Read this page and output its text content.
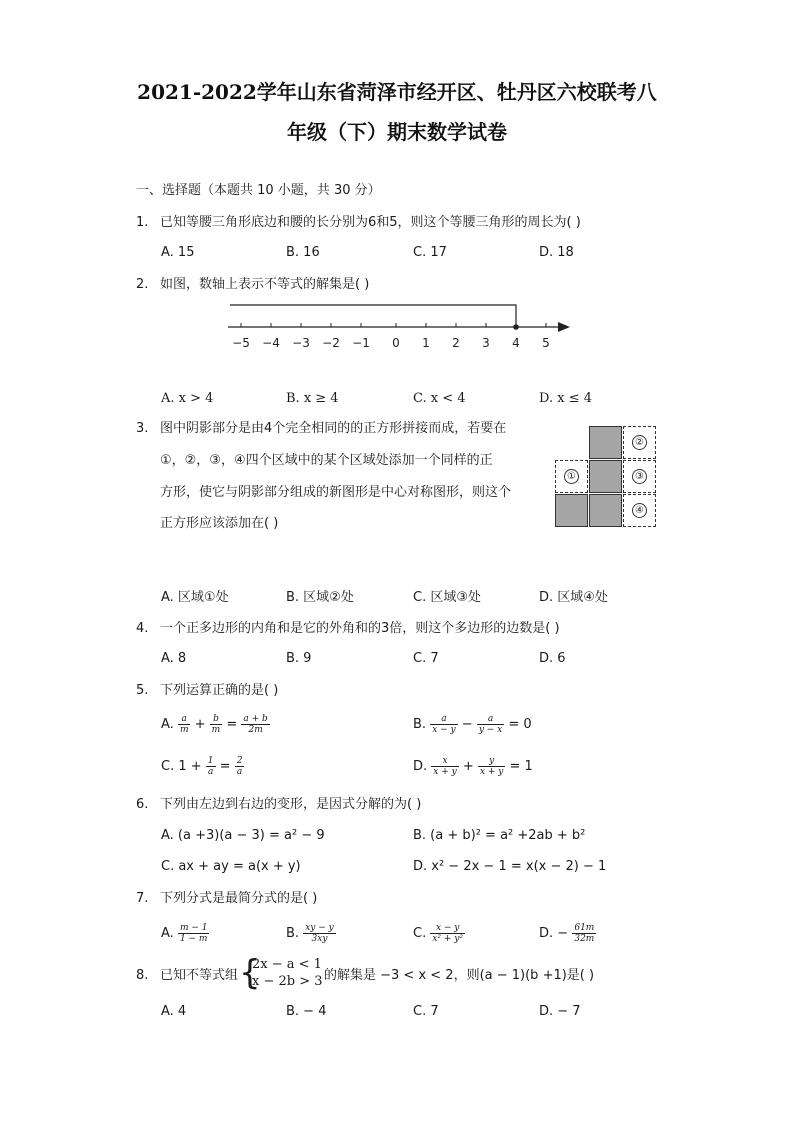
2021-2022学年山东省菏泽市经开区、牡丹区六校联考八
年级（下）期末数学试卷
一、选择题（本题共 10 小题，共 30 分）
1. 已知等腰三角形底边和腰的长分别为6和5，则这个等腰三角形的周长为( )
A. 15	B. 16	C. 17	D. 18
2. 如图，数轴上表示不等式的解集是( )
−5 −4 −3 −2 −1 0 1 2 3 4 5
A. x > 4	B. x ≥ 4	C. x < 4	D. x ≤ 4
3. 图中阴影部分是由4个完全相同的的正方形拼接而成，若要在
①，②，③，④四个区域中的某个区域处添加一个同样的正
方形，使它与阴影部分组成的新图形是中心对称图形，则这个
正方形应该添加在( )
①
②
③
④
A. 区域①处	B. 区域②处	C. 区域③处	D. 区域④处
4. 一个正多边形的内角和是它的外角和的3倍，则这个多边形的边数是( )
A. 8	B. 9	C. 7	D. 6
5. 下列运算正确的是( )
A. $\frac{a}{m} + \frac{b}{m} = \frac{a + b}{2m}$	B. $\frac{a}{x - y} - \frac{a}{y - x} = 0$
C. $1 + \frac{1}{a} = \frac{2}{a}$	D. $\frac{x}{x + y} + \frac{y}{x + y} = 1$
6. 下列由左边到右边的变形，是因式分解的为( )
A. (a +3)(a − 3) = a² − 9	B. (a + b)² = a² +2ab + b²
C. ax + ay = a(x + y)	D. x² − 2x − 1 = x(x − 2) − 1
7. 下列分式是最简分式的是( )
A. $\frac{m - 1}{1 - m}$	B. $\frac{xy - y}{3xy}$	C. $\frac{x - y}{\text{x² + y²}}$	D. − $\frac{61m}{32m}$
8. 已知不等式组 {
2x − a < 1
x − 2b > 3 的解集是 −3 < x < 2，则(a − 1)(b +1)是( )
A. 4	B. − 4	C. 7	D. − 7
